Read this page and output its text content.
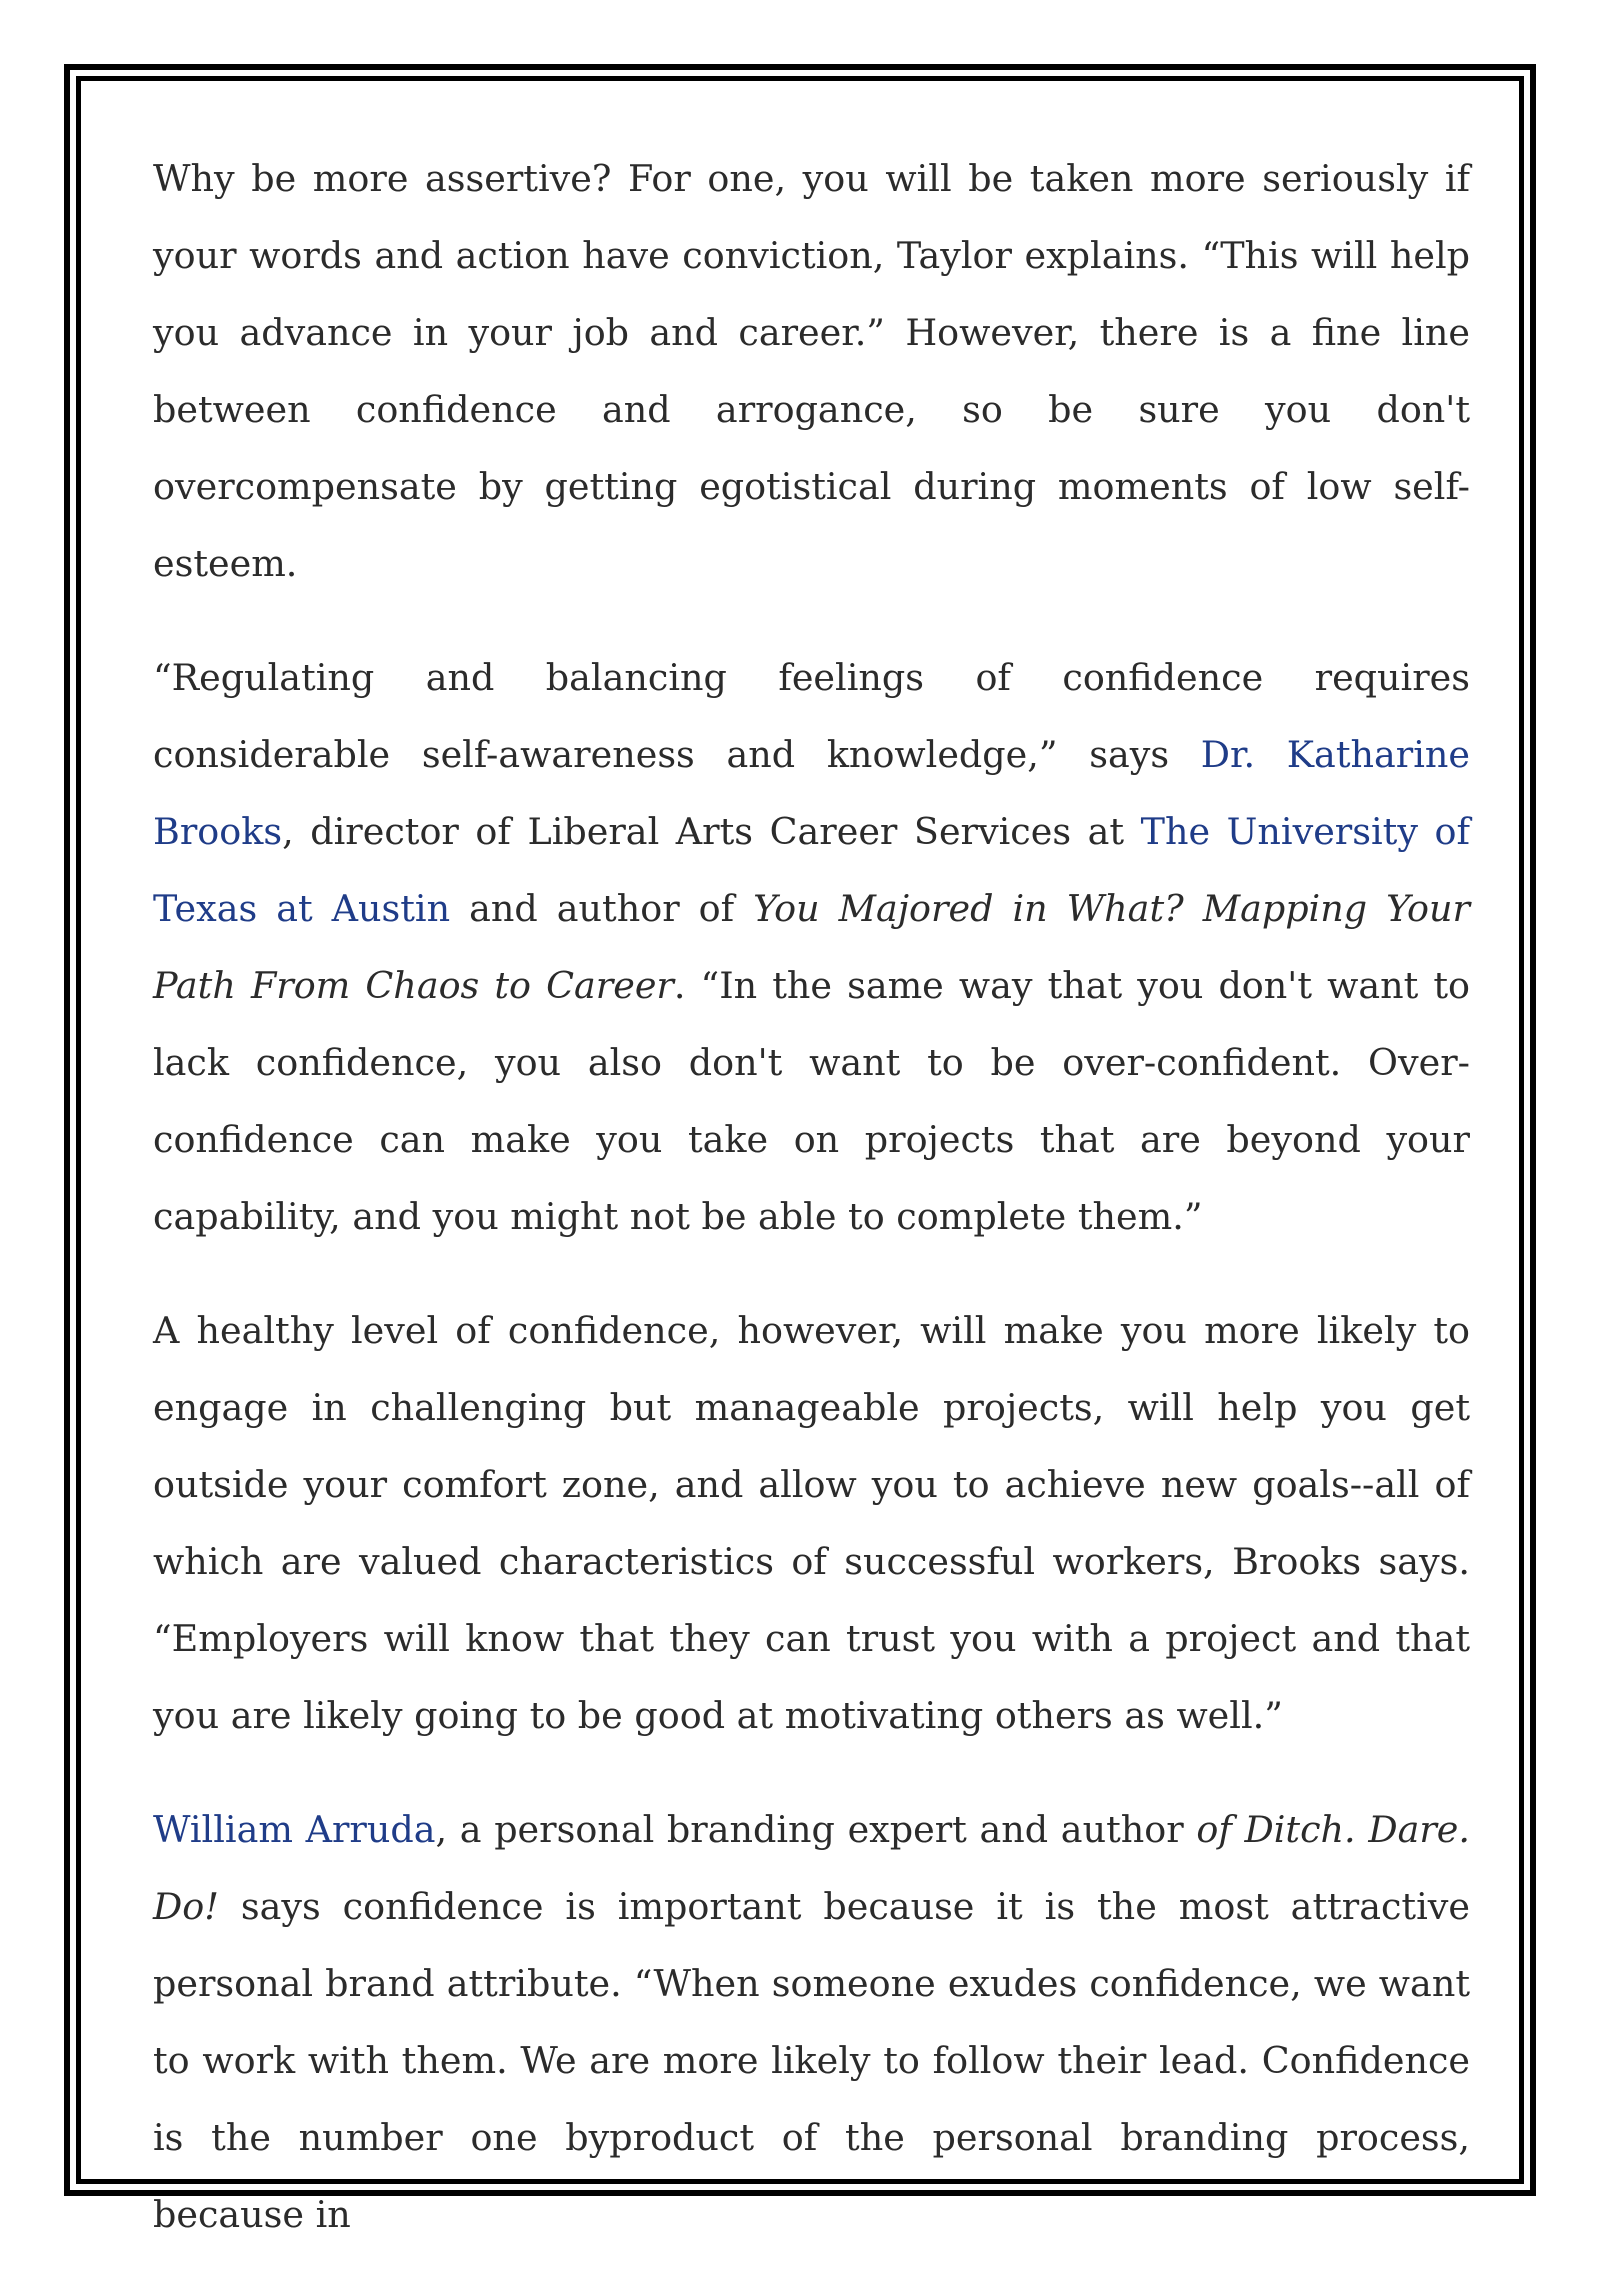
Why be more assertive? For one, you will be taken more seriously if your words and action have conviction, Taylor explains. “This will help you advance in your job and career.” However, there is a fine line between confidence and arrogance, so be sure you don't overcompensate by getting egotistical during moments of low self-esteem.

“Regulating and balancing feelings of confidence requires considerable self-awareness and knowledge,” says Dr. Katharine Brooks, director of Liberal Arts Career Services at The University of Texas at Austin and author of You Majored in What? Mapping Your Path From Chaos to Career. “In the same way that you don't want to lack confidence, you also don't want to be over-confident. Over-confidence can make you take on projects that are beyond your capability, and you might not be able to complete them.”

A healthy level of confidence, however, will make you more likely to engage in challenging but manageable projects, will help you get outside your comfort zone, and allow you to achieve new goals--all of which are valued characteristics of successful workers, Brooks says. “Employers will know that they can trust you with a project and that you are likely going to be good at motivating others as well.”

William Arruda, a personal branding expert and author of Ditch. Dare. Do! says confidence is important because it is the most attractive personal brand attribute. “When someone exudes confidence, we want to work with them. We are more likely to follow their lead. Confidence is the number one byproduct of the personal branding process, because in
